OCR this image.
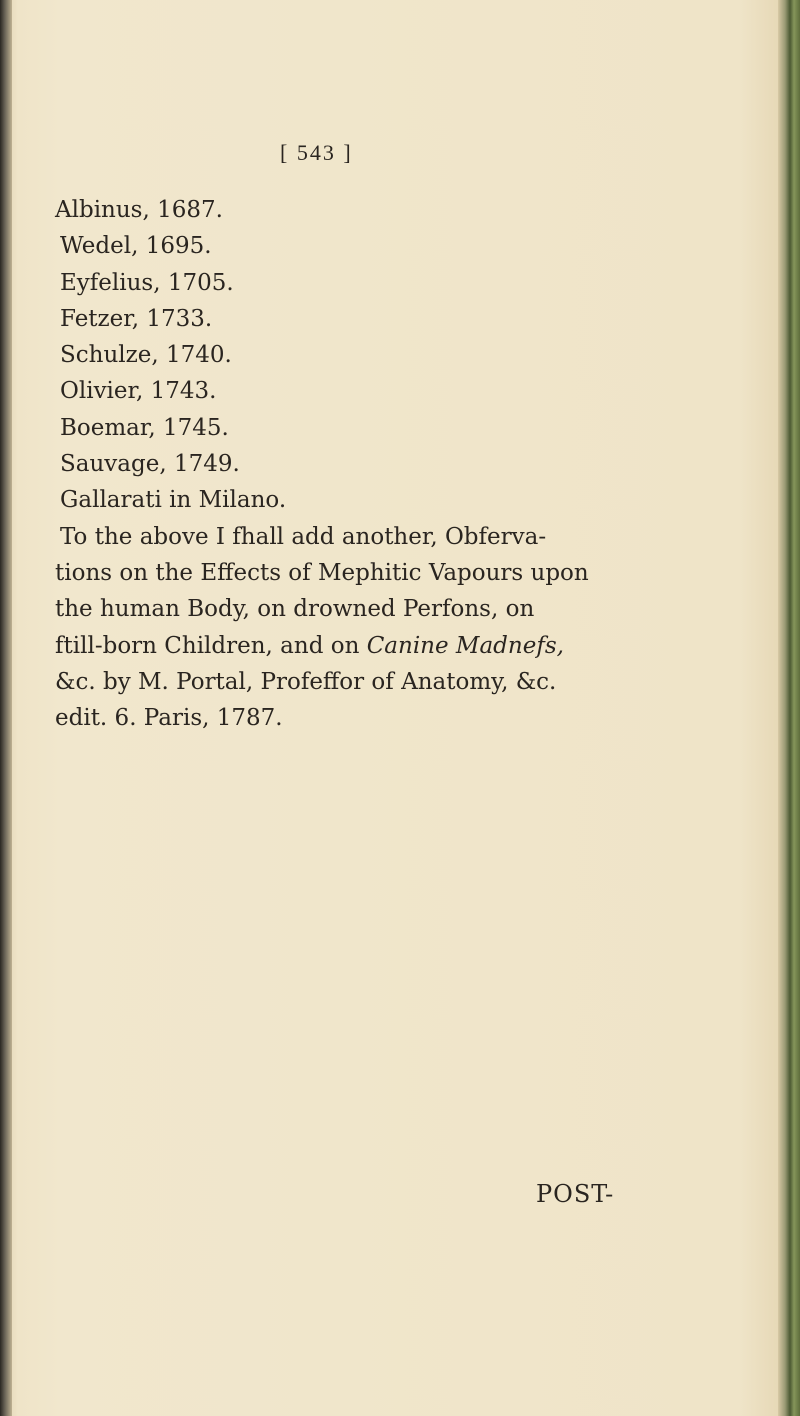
[ 543 ]
Albinus, 1687.
Wedel, 1695.
Eyfelius, 1705.
Fetzer, 1733.
Schulze, 1740.
Olivier, 1743.
Boemar, 1745.
Sauvage, 1749.
Gallarati in Milano.
To the above I fhall add another, Obferva-
tions on the Effects of Mephitic Vapours upon
the human Body, on drowned Perfons, on
ftill-born Children, and on Canine Madnefs,
&c. by M. Portal, Profeffor of Anatomy, &c.
edit. 6. Paris, 1787.
POST-
